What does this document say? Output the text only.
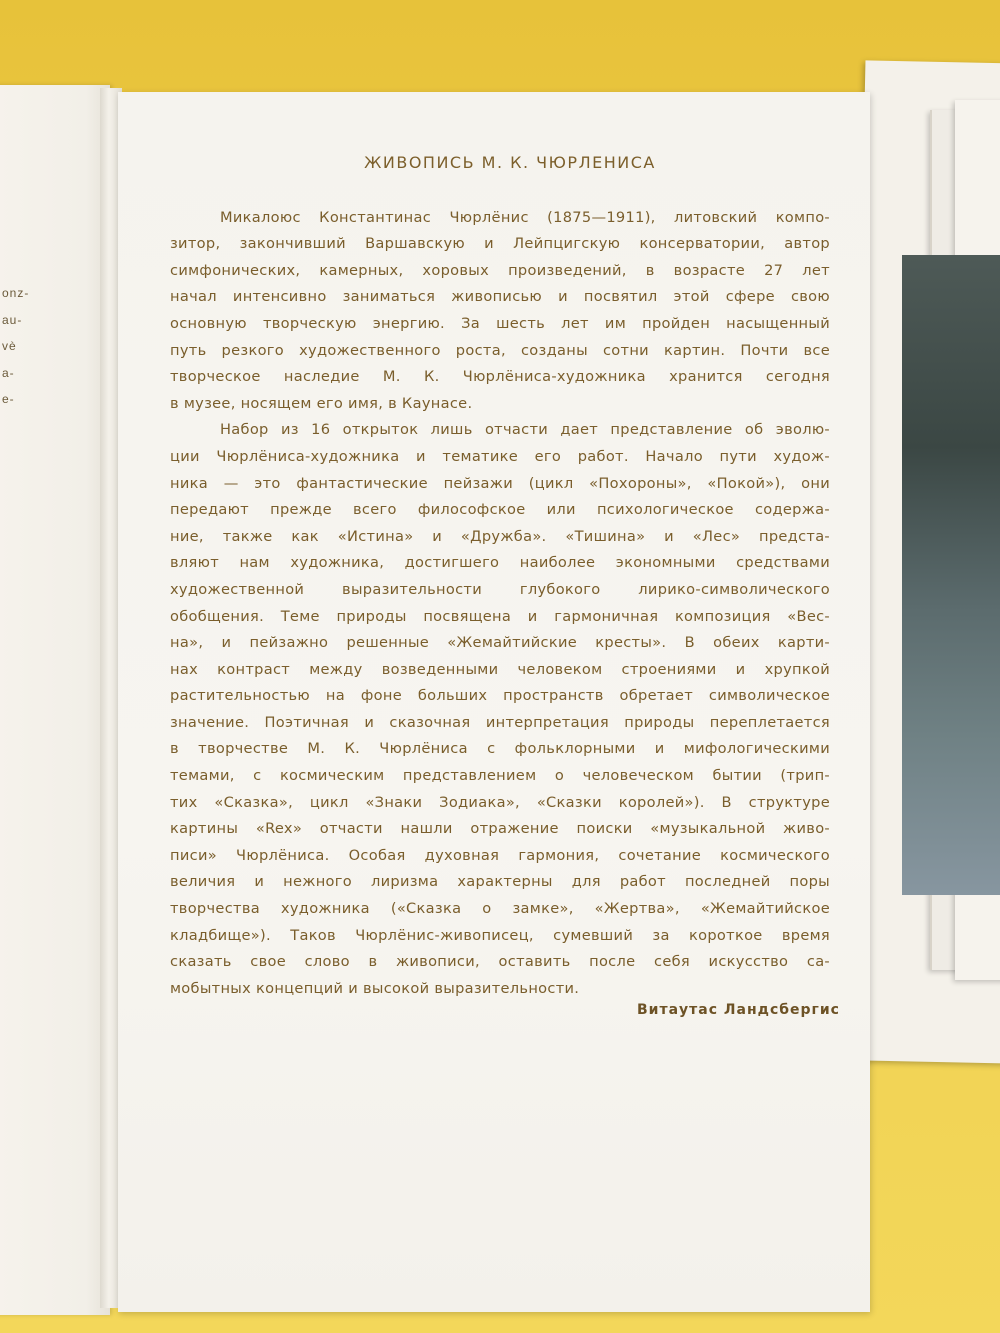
onz-
au-
vè
a-
e-
ЖИВОПИСЬ М. К. ЧЮРЛЕНИСА
Микалоюс Константинас Чюрлёнис (1875—1911), литовский компо-
зитор, закончивший Варшавскую и Лейпцигскую консерватории, автор
симфонических, камерных, хоровых произведений, в возрасте 27 лет
начал интенсивно заниматься живописью и посвятил этой сфере свою
основную творческую энергию. За шесть лет им пройден насыщенный
путь резкого художественного роста, созданы сотни картин. Почти все
творческое наследие М. К. Чюрлёниса-художника хранится сегодня
в музее, носящем его имя, в Каунасе.
Набор из 16 открыток лишь отчасти дает представление об эволю-
ции Чюрлёниса-художника и тематике его работ. Начало пути худож-
ника — это фантастические пейзажи (цикл «Похороны», «Покой»), они
передают прежде всего философское или психологическое содержа-
ние, также как «Истина» и «Дружба». «Тишина» и «Лес» предста-
вляют нам художника, достигшего наиболее экономными средствами
художественной выразительности глубокого лирико-символического
обобщения. Теме природы посвящена и гармоничная композиция «Вес-
на», и пейзажно решенные «Жемайтийские кресты». В обеих карти-
нах контраст между возведенными человеком строениями и хрупкой
растительностью на фоне больших пространств обретает символическое
значение. Поэтичная и сказочная интерпретация природы переплетается
в творчестве М. К. Чюрлёниса с фольклорными и мифологическими
темами, с космическим представлением о человеческом бытии (трип-
тих «Сказка», цикл «Знаки Зодиака», «Сказки королей»). В структуре
картины «Rex» отчасти нашли отражение поиски «музыкальной живо-
писи» Чюрлёниса. Особая духовная гармония, сочетание космического
величия и нежного лиризма характерны для работ последней поры
творчества художника («Сказка о замке», «Жертва», «Жемайтийское
кладбище»). Таков Чюрлёнис-живописец, сумевший за короткое время
сказать свое слово в живописи, оставить после себя искусство са-
мобытных концепций и высокой выразительности.
Витаутас Ландсбергис
